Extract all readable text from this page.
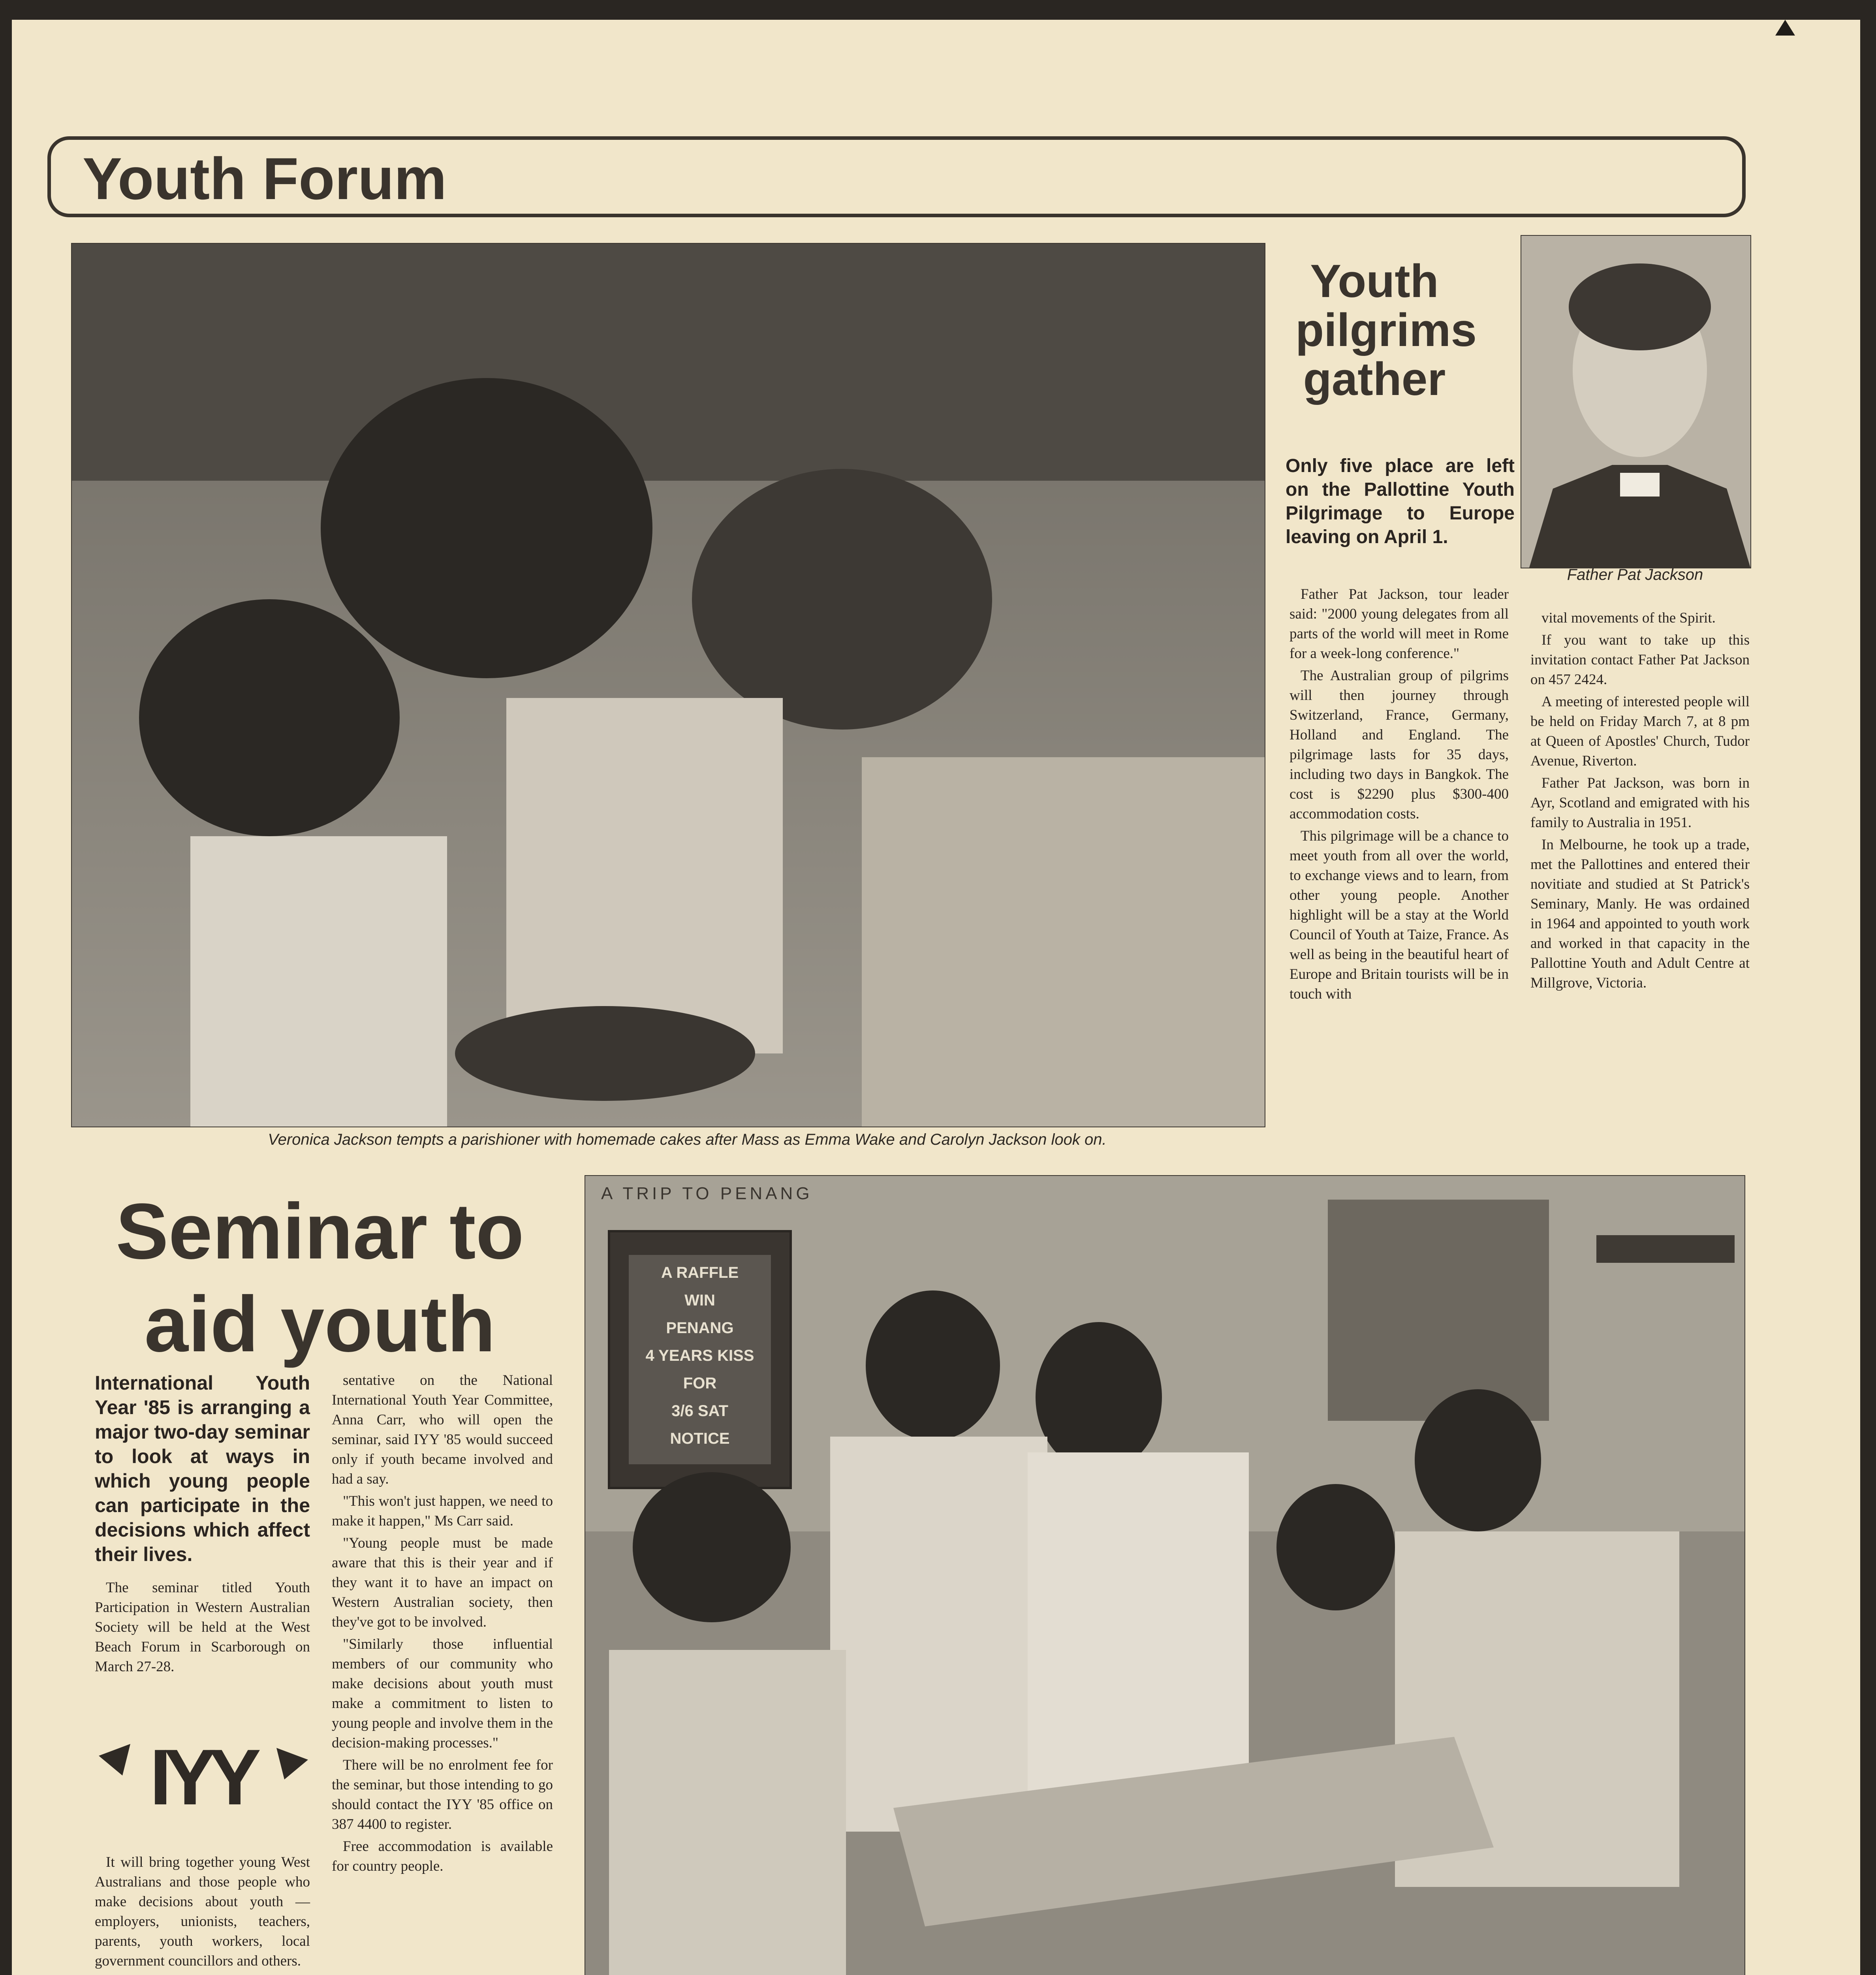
Youth Forum
Veronica Jackson tempts a parishioner with homemade cakes after Mass as Emma Wake and Carolyn Jackson look on.
Youth pilgrims gather
Only five place are left on the Pallottine Youth Pilgrimage to Europe leaving on April 1.
Father Pat Jackson

Father Pat Jackson, tour leader said: "2000 young delegates from all parts of the world will meet in Rome for a week-long conference."

The Australian group of pilgrims will then journey through Switzerland, France, Germany, Holland and England. The pilgrimage lasts for 35 days, including two days in Bangkok. The cost is $2290 plus $300-400 accommodation costs.

This pilgrimage will be a chance to meet youth from all over the world, to exchange views and to learn, from other young people. Another highlight will be a stay at the World Council of Youth at Taize, France. As well as being in the beautiful heart of Europe and Britain tourists will be in touch with

vital movements of the Spirit.

If you want to take up this invitation contact Father Pat Jackson on 457 2424.

A meeting of interested people will be held on Friday March 7, at 8 pm at Queen of Apostles' Church, Tudor Avenue, Riverton.

Father Pat Jackson, was born in Ayr, Scotland and emigrated with his family to Australia in 1951.

In Melbourne, he took up a trade, met the Pallottines and entered their novitiate and studied at St Patrick's Seminary, Manly. He was ordained in 1964 and appointed to youth work and worked in that capacity in the Pallottine Youth and Adult Centre at Millgrove, Victoria.

Seminar to aid youth
International Youth Year '85 is arranging a major two-day seminar to look at ways in which young people can participate in the decisions which affect their lives.

The seminar titled Youth Participation in Western Australian Society will be held at the West Beach Forum in Scarborough on March 27-28.

IYY

It will bring together young West Australians and those people who make decisions about youth — employers, unionists, teachers, parents, youth workers, local government councillors and others.

sentative on the National International Youth Year Committee, Anna Carr, who will open the seminar, said IYY '85 would succeed only if youth became involved and had a say.

"This won't just happen, we need to make it happen," Ms Carr said.

"Young people must be made aware that this is their year and if they want it to have an impact on Western Australian society, then they've got to be involved.

"Similarly those influential members of our community who make decisions about youth must make a commitment to listen to young people and involve them in the decision-making processes."

There will be no enrolment fee for the seminar, but those intending to go should contact the IYY '85 office on 387 4400 to register.

Free accommodation is available for country people.

A TRIP TO PENANG
A RAFFLE
WIN
PENANG
4 YEARS KISS FOR
3/6 SAT
NOTICE
